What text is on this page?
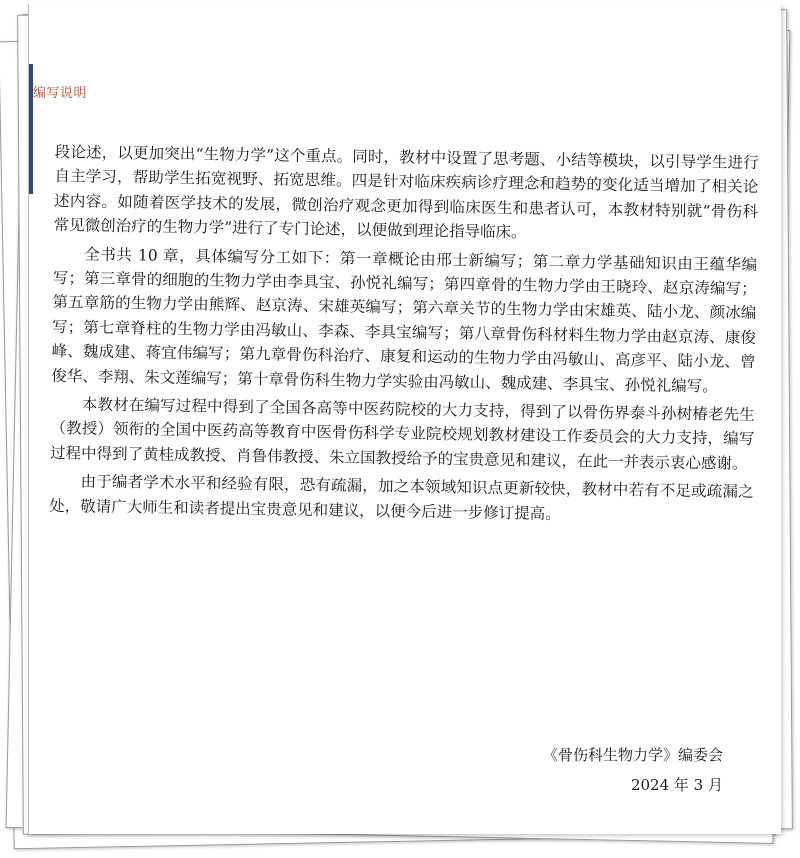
编写说明

段论述，以更加突出“生物力学”这个重点。同时，教材中设置了思考题、小结等模块，以引导学生进行自主学习，帮助学生拓宽视野、拓宽思维。四是针对临床疾病诊疗理念和趋势的变化适当增加了相关论述内容。如随着医学技术的发展，微创治疗观念更加得到临床医生和患者认可，本教材特别就“骨伤科常见微创治疗的生物力学”进行了专门论述，以便做到理论指导临床。

全书共 10 章，具体编写分工如下：第一章概论由邢士新编写；第二章力学基础知识由王蕴华编写；第三章骨的细胞的生物力学由李具宝、孙悦礼编写；第四章骨的生物力学由王晓玲、赵京涛编写；第五章筋的生物力学由熊辉、赵京涛、宋雄英编写；第六章关节的生物力学由宋雄英、陆小龙、颜冰编写；第七章脊柱的生物力学由冯敏山、李森、李具宝编写；第八章骨伤科材料生物力学由赵京涛、康俊峰、魏成建、蒋宜伟编写；第九章骨伤科治疗、康复和运动的生物力学由冯敏山、高彦平、陆小龙、曾俊华、李翔、朱文莲编写；第十章骨伤科生物力学实验由冯敏山、魏成建、李具宝、孙悦礼编写。

本教材在编写过程中得到了全国各高等中医药院校的大力支持，得到了以骨伤界泰斗孙树椿老先生（教授）领衔的全国中医药高等教育中医骨伤科学专业院校规划教材建设工作委员会的大力支持，编写过程中得到了黄桂成教授、肖鲁伟教授、朱立国教授给予的宝贵意见和建议，在此一并表示衷心感谢。

由于编者学术水平和经验有限，恐有疏漏，加之本领域知识点更新较快，教材中若有不足或疏漏之处，敬请广大师生和读者提出宝贵意见和建议，以便今后进一步修订提高。

《骨伤科生物力学》编委会
2024 年 3 月
